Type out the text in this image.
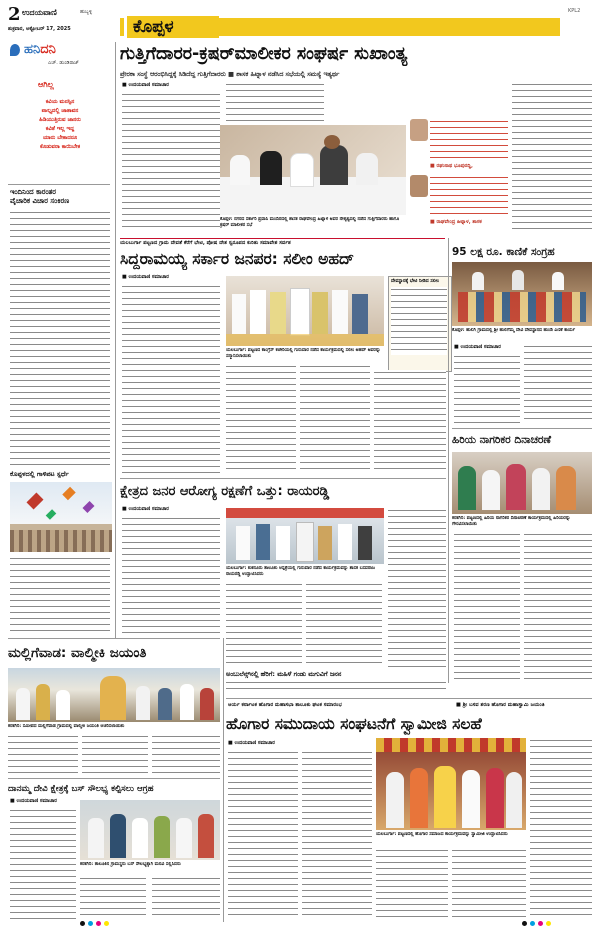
2 ಉದಯವಾಣಿ	ಹುಬ್ಬಳ್ಳಿ
ಶುಕ್ರವಾರ, ಅಕ್ಟೋಬರ್ 17, 2025	ಕೊಪ್ಪಳ
KPL2
ಹನಿದನಿ
ಎಚ್. ಡುಂಡಿರಾಜ್
ಆಗಿಲ್ಲ
ಕವಿಯ ಮನಸ್ಸಿನ
ಪಾಲ್ತ್ಯದಲ್ಲಿ ಜಾತಾವನ
ಹಿಡಿಯುತ್ತಿರುವ ಜಾನರು
ಕವಿತೆ ಇಲ್ಲ ಇದ್ದ
ಯಾರು ಬೇಕಾದರೂ
ಕೊಡುವರಾ ಕಾಯಿಬೇಕ
ಇಂದಿನಿಂದ ಕಾರಂತರ
ವೈಚಾರಿಕ ವಿಚಾರ ಸಂಕಿರಣ
ಕೊಪ್ಪಳದಲ್ಲಿ ಗಾಳಿಪಟ ಸ್ಪರ್ಧೆ
ಗುತ್ತಿಗೆದಾರರ-ಕ್ರಷರ್‌ಮಾಲೀಕರ ಸಂಘರ್ಷ ಸುಖಾಂತ್ಯ
ಪ್ರೇರಕಾ ಸಂಸ್ಥೆ ಆರಂಭಿಸಿದ್ದಕ್ಕೆ ಸಿಡಿದೆದ್ದ ಗುತ್ತಿಗೆದಾರರು ■ ಶಾಸಕ ಹಿಟ್ನಾಳ ನಡೆಸಿದ ಸಭೆಯಲ್ಲಿ ಸಮಸ್ಯೆ ಇತ್ಯರ್ಥ
■ ಉದಯವಾಣಿ ಸಮಾಚಾರ
ಕೊಪ್ಪಳ: ನಗರದ ಸರ್ಕಾರಿ ಪ್ರವಾಸಿ ಮಂದಿರದಲ್ಲಿ ಶಾಸಕ ರಾಘವೇಂದ್ರ ಹಿಟ್ನಾಳ ಅವರ ನೇತೃತ್ವದಲ್ಲಿ ನಡೆದ ಗುತ್ತಿಗೆದಾರರು ಹಾಗೂ ಕ್ರಷರ್ ಮಾಲೀಕರ ಸಭೆ
■ ರಘುನಾಥ ಭೂಪುರದ್ದಿ,
■ ರಾಘವೇಂದ್ರ ಹಿಟ್ನಾಳ, ಶಾಸಕ
ಯಲಬುರ್ಗಾ ಪಟ್ಟಣದ ಗ್ರಾಮ ದೇವತೆ ಕೆರೆಗೆ ಭೇಟಿ, ಪೋಷ ದೇಶ ಸ್ವರೂಪದ ಕುರಿತು ಸಮಾವೇಶ ಸರ್ವಶ
ಸಿದ್ದರಾಮಯ್ಯ ಸರ್ಕಾರ ಜನಪರ: ಸಲೀಂ ಅಹದ್
■ ಉದಯವಾಣಿ ಸಮಾಚಾರ
ದೇವಸ್ಥಾನಕ್ಕೆ ಭೇಟಿ ನೀಡಿದ ಸಲೀಂ
ಯಲಬುರ್ಗಾ: ಪಟ್ಟಣದ ಕಾಂಗ್ರೆಸ್ ಕಚೇರಿಯಲ್ಲಿ ಗುರುವಾರ ನಡೆದ ಕಾರ್ಯಕ್ರಮದಲ್ಲಿ ಸಲೀಂ ಅಹದ್ ಅವರನ್ನು ಸನ್ಮಾನಿಸಲಾಯಿತು
95 ಲಕ್ಷ ರೂ. ಕಾಣಿಕೆ ಸಂಗ್ರಹ
ಕೊಪ್ಪಳ: ಹುಲಿಗಿ ಗ್ರಾಮದಲ್ಲಿ ಶ್ರೀ ಹುಲಿಗೆಮ್ಮ ದೇವಿ ದೇವಸ್ಥಾನದ ಹುಂಡಿ ಎಣಿಕೆ ಕಾರ್ಯ
■ ಉದಯವಾಣಿ ಸಮಾಚಾರ
ಹಿರಿಯ ನಾಗರಿಕರ ದಿನಾಚರಣೆ
ಕನಕಗಿರಿ: ಪಟ್ಟಣದಲ್ಲಿ ಹಿರಿಯ ನಾಗರಿಕರ ದಿನಾಚರಣೆ ಕಾರ್ಯಕ್ರಮದಲ್ಲಿ ಹಿರಿಯರನ್ನು ಗೌರವಿಸಲಾಯಿತು
ಕ್ಷೇತ್ರದ ಜನರ ಆರೋಗ್ಯ ರಕ್ಷಣೆಗೆ ಒತ್ತು: ರಾಯರಡ್ಡಿ
■ ಉದಯವಾಣಿ ಸಮಾಚಾರ
ಯಲಬುರ್ಗಾ: ಕುಕನೂರು ತಾಲೂಕು ಆಸ್ಪತ್ರೆಯಲ್ಲಿ ಗುರುವಾರ ನಡೆದ ಕಾರ್ಯಕ್ರಮವನ್ನು ಶಾಸಕ ಬಸವರಾಜ ರಾಯರಡ್ಡಿ ಉದ್ಘಾಟಿಸಿದರು
ಅಂಬುಲೆನ್ಸ್‌ನಲ್ಲಿ ಹೆರಿಗೆ: ಮಹಿಳೆ ಗಂಡು ಮಗುವಿಗೆ ಜನನ
ಮಲ್ಲಿಗೆವಾಡ: ವಾಲ್ಮೀಕಿ ಜಯಂತಿ
ಕನಕಗಿರಿ: ಸಮೀಪದ ಮಲ್ಲಿಗೆವಾಡ ಗ್ರಾಮದಲ್ಲಿ ವಾಲ್ಮೀಕಿ ಜಯಂತಿ ಆಚರಿಸಲಾಯಿತು
ದಾನಮ್ಮ ದೇವಿ ಕ್ಷೇತ್ರಕ್ಕೆ ಬಸ್ ಸೌಲಭ್ಯ ಕಲ್ಪಿಸಲು ಆಗ್ರಹ
■ ಉದಯವಾಣಿ ಸಮಾಚಾರ
ಕನಕಗಿರಿ: ತಾಲೂಕಿನ ಗ್ರಾಮಸ್ಥರು ಬಸ್ ಸೌಲಭ್ಯಕ್ಕಾಗಿ ಮನವಿ ಸಲ್ಲಿಸಿದರು
ಆರ್ಯ ಕರ್ನಾಟಕ ಹೊಗಾರ ಮಹಾಸಭಾ ತಾಲೂಕು ಘಟಕ ಸಮಾರಂಭ	■ ಶ್ರೀ ಬಸವ ಶರಣ ಹೊಗಾರ ಮಹಾಸ್ವಾಮಿ ಜಯಂತಿ
ಹೊಗಾರ ಸಮುದಾಯ ಸಂಘಟನೆಗೆ ಸ್ವಾಮೀಜಿ ಸಲಹೆ
■ ಉದಯವಾಣಿ ಸಮಾಚಾರ
ಯಲಬುರ್ಗಾ: ಪಟ್ಟಣದಲ್ಲಿ ಹೊಗಾರ ಸಮಾಜದ ಕಾರ್ಯಕ್ರಮವನ್ನು ಸ್ವಾಮೀಜಿ ಉದ್ಘಾಟಿಸಿದರು
